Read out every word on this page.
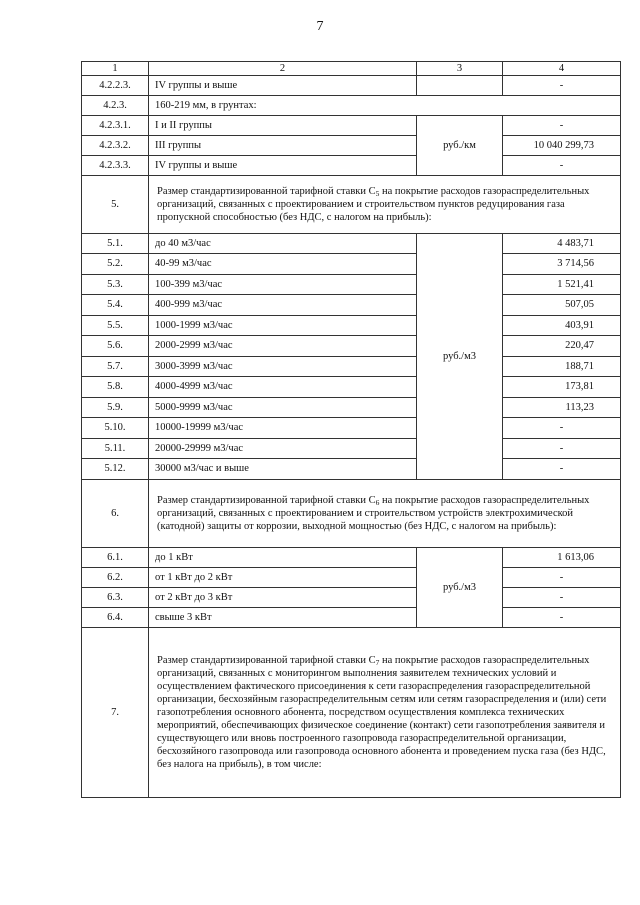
7
1	2	3	4
4.2.2.3.	IV группы и выше		-
4.2.3.	160-219 мм, в грунтах:		
4.2.3.1.	I и II группы	руб./км	-
4.2.3.2.	III группы		10 040 299,73
4.2.3.3.	IV группы и выше		-
5.	Размер стандартизированной тарифной ставки $C_5$ на покрытие расходов газораспределительных организаций, связанных с проектированием и строительством пунктов редуцирования газа пропускной способностью (без НДС, с налогом на прибыль):		
5.1.	до 40 м3/час	руб./м3	4 483,71
5.2.	40-99 м3/час		3 714,56
5.3.	100-399 м3/час		1 521,41
5.4.	400-999 м3/час		507,05
5.5.	1000-1999 м3/час		403,91
5.6.	2000-2999 м3/час		220,47
5.7.	3000-3999 м3/час		188,71
5.8.	4000-4999 м3/час		173,81
5.9.	5000-9999 м3/час		113,23
5.10.	10000-19999 м3/час		-
5.11.	20000-29999 м3/час		-
5.12.	30000 м3/час и выше		-
6.	Размер стандартизированной тарифной ставки $C_6$ на покрытие расходов газораспределительных организаций, связанных с проектированием и строительством устройств электрохимической (катодной) защиты от коррозии, выходной мощностью (без НДС, с налогом на прибыль):		
6.1.	до 1 кВт	руб./м3	1 613,06
6.2.	от 1 кВт до 2 кВт		-
6.3.	от 2 кВт до 3 кВт		-
6.4.	свыше 3 кВт		-
7.	Размер стандартизированной тарифной ставки $C_7$ на покрытие расходов газораспределительных организаций, связанных с мониторингом выполнения заявителем технических условий и осуществлением фактического присоединения к сети газораспределения газораспределительной организации, бесхозяйным газораспределительным сетям или сетям газораспределения и (или) сети газопотребления основного абонента, посредством осуществления комплекса технических мероприятий, обеспечивающих физическое соединение (контакт) сети газопотребления заявителя и существующего или вновь построенного газопровода газораспределительной организации, бесхозяйного газопровода или газопровода основного абонента и проведением пуска газа (без НДС, без налога на прибыль), в том числе:		
